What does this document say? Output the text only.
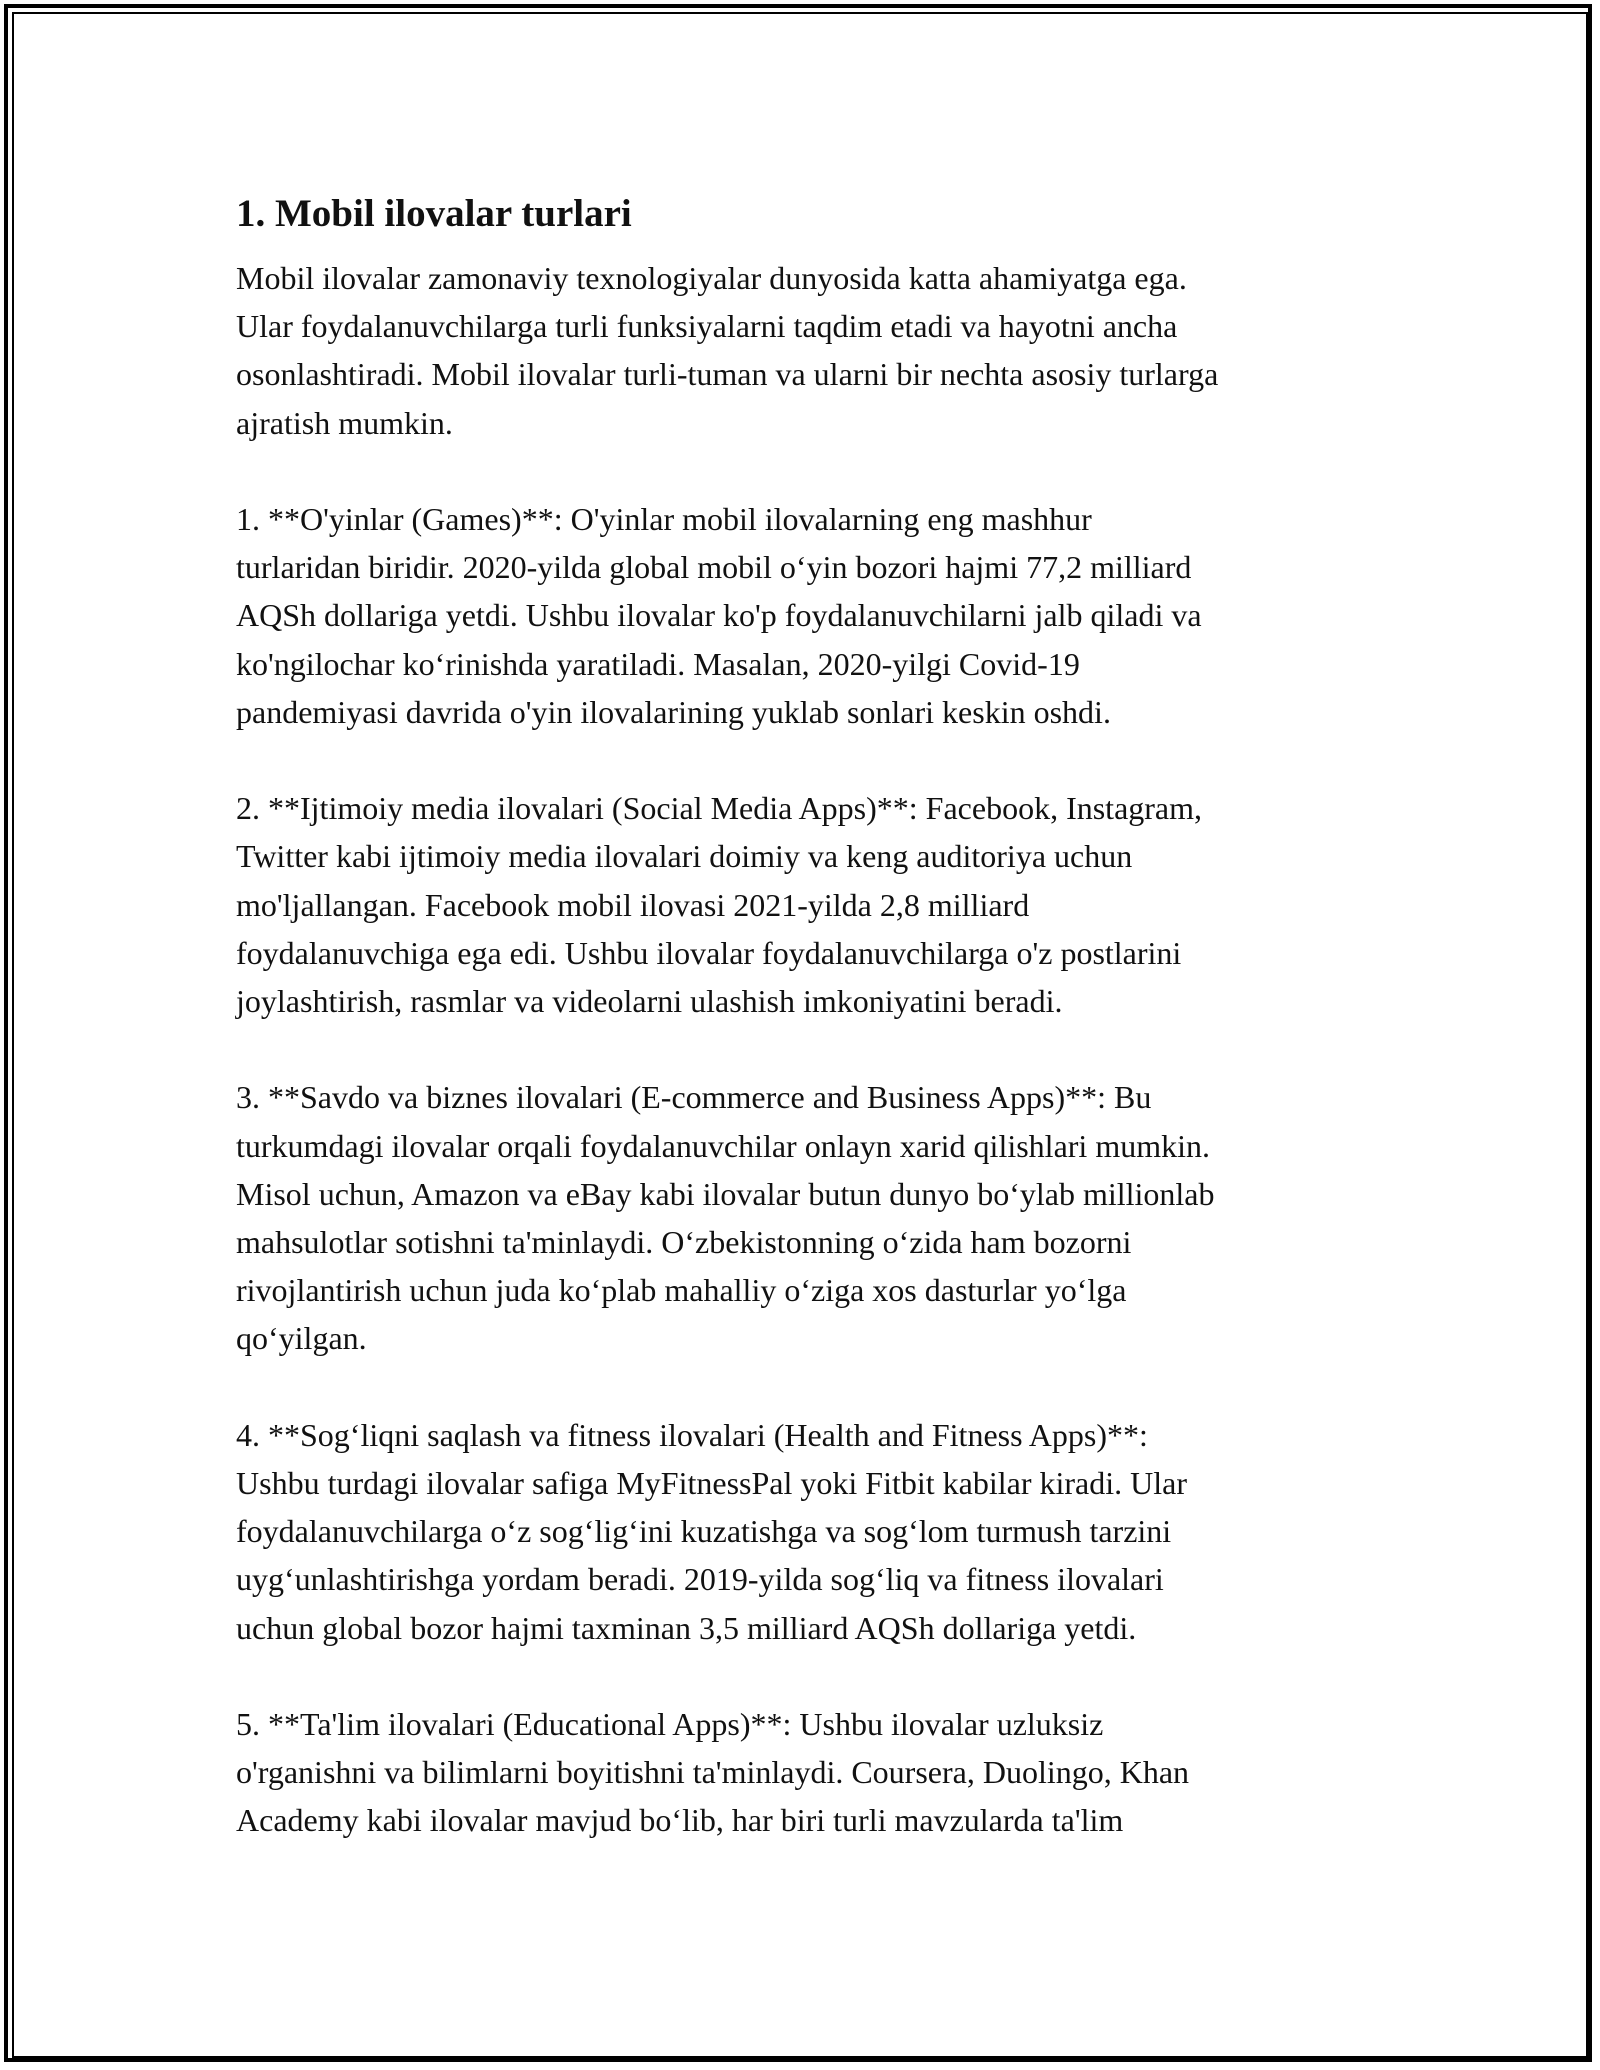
1. Mobil ilovalar turlari

Mobil ilovalar zamonaviy texnologiyalar dunyosida katta ahamiyatga ega.
Ular foydalanuvchilarga turli funksiyalarni taqdim etadi va hayotni ancha
osonlashtiradi. Mobil ilovalar turli-tuman va ularni bir nechta asosiy turlarga
ajratish mumkin.

1. **O'yinlar (Games)**: O'yinlar mobil ilovalarning eng mashhur
turlaridan biridir. 2020-yilda global mobil o‘yin bozori hajmi 77,2 milliard
AQSh dollariga yetdi. Ushbu ilovalar ko'p foydalanuvchilarni jalb qiladi va
ko'ngilochar ko‘rinishda yaratiladi. Masalan, 2020-yilgi Covid-19
pandemiyasi davrida o'yin ilovalarining yuklab sonlari keskin oshdi.

2. **Ijtimoiy media ilovalari (Social Media Apps)**: Facebook, Instagram,
Twitter kabi ijtimoiy media ilovalari doimiy va keng auditoriya uchun
mo'ljallangan. Facebook mobil ilovasi 2021-yilda 2,8 milliard
foydalanuvchiga ega edi. Ushbu ilovalar foydalanuvchilarga o'z postlarini
joylashtirish, rasmlar va videolarni ulashish imkoniyatini beradi.

3. **Savdo va biznes ilovalari (E-commerce and Business Apps)**: Bu
turkumdagi ilovalar orqali foydalanuvchilar onlayn xarid qilishlari mumkin.
Misol uchun, Amazon va eBay kabi ilovalar butun dunyo bo‘ylab millionlab
mahsulotlar sotishni ta'minlaydi. O‘zbekistonning o‘zida ham bozorni
rivojlantirish uchun juda ko‘plab mahalliy o‘ziga xos dasturlar yo‘lga
qo‘yilgan.

4. **Sog‘liqni saqlash va fitness ilovalari (Health and Fitness Apps)**:
Ushbu turdagi ilovalar safiga MyFitnessPal yoki Fitbit kabilar kiradi. Ular
foydalanuvchilarga o‘z sog‘lig‘ini kuzatishga va sog‘lom turmush tarzini
uyg‘unlashtirishga yordam beradi. 2019-yilda sog‘liq va fitness ilovalari
uchun global bozor hajmi taxminan 3,5 milliard AQSh dollariga yetdi.

5. **Ta'lim ilovalari (Educational Apps)**: Ushbu ilovalar uzluksiz
o'rganishni va bilimlarni boyitishni ta'minlaydi. Coursera, Duolingo, Khan
Academy kabi ilovalar mavjud bo‘lib, har biri turli mavzularda ta'lim
